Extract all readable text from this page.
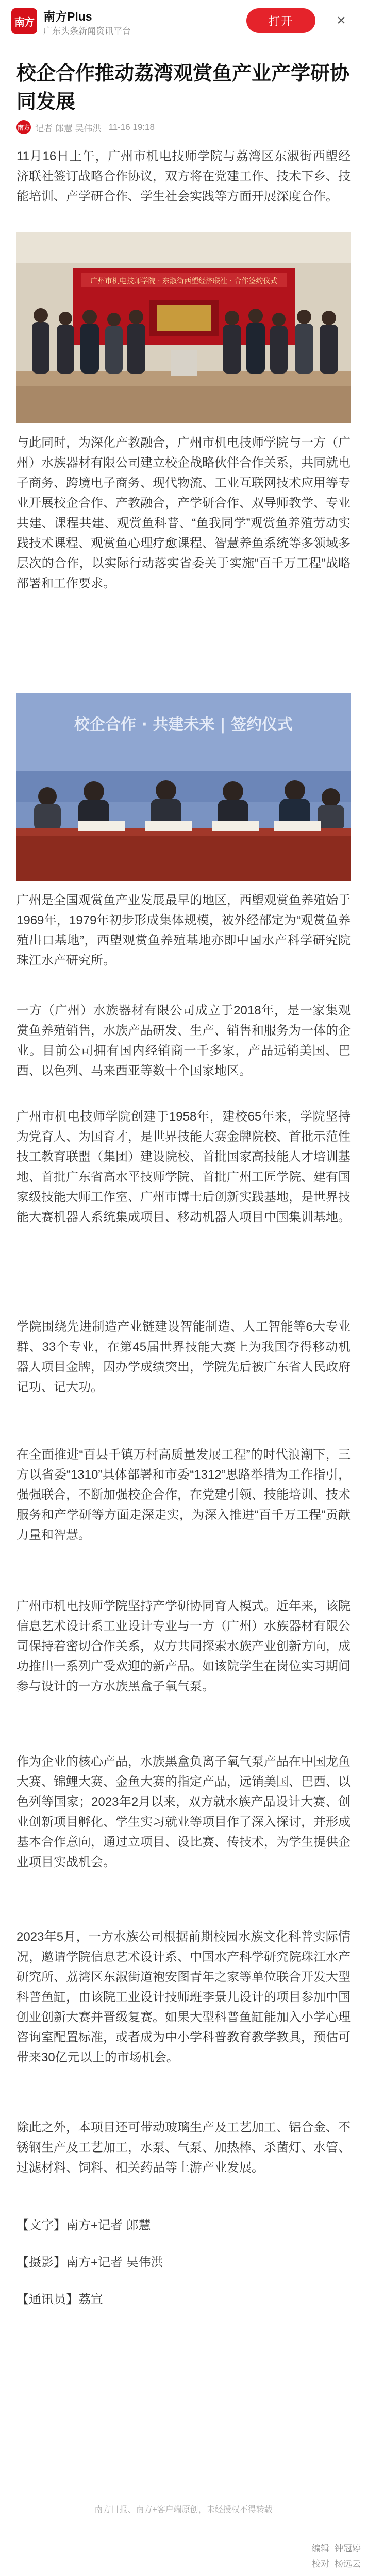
南方 南方Plus
广东头条新闻资讯平台
打开	×
校企合作推动荔湾观赏鱼产业产学研协同发展
南方 记者 郎慧 吴伟洪 11-16 19:18

11月16日上午，广州市机电技师学院与荔湾区东淑街西塱经济联社签订战略合作协议，双方将在党建工作、技术下乡、技能培训、产学研合作、学生社会实践等方面开展深度合作。

广州市机电技师学院 · 东淑街西塱经济联社 · 合作签约仪式

与此同时，为深化产教融合，广州市机电技师学院与一方（广州）水族器材有限公司建立校企战略伙伴合作关系，共同就电子商务、跨境电子商务、现代物流、工业互联网技术应用等专业开展校企合作、产教融合，产学研合作、双导师教学、专业共建、课程共建、观赏鱼科普、“鱼我同学”观赏鱼养殖劳动实践技术课程、观赏鱼心理疗愈课程、智慧养鱼系统等多领域多层次的合作，以实际行动落实省委关于实施“百千万工程”战略部署和工作要求。

校企合作 · 共建未来 | 签约仪式

广州是全国观赏鱼产业发展最早的地区，西塱观赏鱼养殖始于1969年，1979年初步形成集体规模，被外经部定为“观赏鱼养殖出口基地”，西塱观赏鱼养殖基地亦即中国水产科学研究院珠江水产研究所。

一方（广州）水族器材有限公司成立于2018年，是一家集观赏鱼养殖销售，水族产品研发、生产、销售和服务为一体的企业。目前公司拥有国内经销商一千多家，产品远销美国、巴西、以色列、马来西亚等数十个国家地区。

广州市机电技师学院创建于1958年，建校65年来，学院坚持为党育人、为国育才，是世界技能大赛金牌院校、首批示范性技工教育联盟（集团）建设院校、首批国家高技能人才培训基地、首批广东省高水平技师学院、首批广州工匠学院、建有国家级技能大师工作室、广州市博士后创新实践基地，是世界技能大赛机器人系统集成项目、移动机器人项目中国集训基地。

学院围绕先进制造产业链建设智能制造、人工智能等6大专业群、33个专业，在第45届世界技能大赛上为我国夺得移动机器人项目金牌，因办学成绩突出，学院先后被广东省人民政府记功、记大功。

在全面推进“百县千镇万村高质量发展工程”的时代浪潮下，三方以省委“1310”具体部署和市委“1312”思路举措为工作指引，强强联合，不断加强校企合作，在党建引领、技能培训、技术服务和产学研等方面走深走实，为深入推进“百千万工程”贡献力量和智慧。

广州市机电技师学院坚持产学研协同育人模式。近年来，该院信息艺术设计系工业设计专业与一方（广州）水族器材有限公司保持着密切合作关系，双方共同探索水族产业创新方向，成功推出一系列广受欢迎的新产品。如该院学生在岗位实习期间参与设计的一方水族黑盒子氧气泵。

作为企业的核心产品，水族黑盒负离子氧气泵产品在中国龙鱼大赛、锦鲤大赛、金鱼大赛的指定产品，远销美国、巴西、以色列等国家；2023年2月以来，双方就水族产品设计大赛、创业创新项目孵化、学生实习就业等项目作了深入探讨，并形成基本合作意向，通过立项目、设比赛、传技术，为学生提供企业项目实战机会。

2023年5月，一方水族公司根据前期校园水族文化科普实际情况，邀请学院信息艺术设计系、中国水产科学研究院珠江水产研究所、荔湾区东淑街道袍安图青年之家等单位联合开发大型科普鱼缸，由该院工业设计技师班李景儿设计的项目参加中国创业创新大赛并晋级复赛。如果大型科普鱼缸能加入小学心理咨询室配置标准，或者成为中小学科普教育教学教具，预估可带来30亿元以上的市场机会。

除此之外，本项目还可带动玻璃生产及工艺加工、铝合金、不锈钢生产及工艺加工，水泵、气泵、加热棒、杀菌灯、水管、过滤材料、饲料、相关药品等上游产业发展。

【文字】南方+记者 郎慧

【摄影】南方+记者 吴伟洪

【通讯员】荔宣

南方日报、南方+客户端原创，未经授权不得转载
编辑 钟冠婷
校对 杨远云
